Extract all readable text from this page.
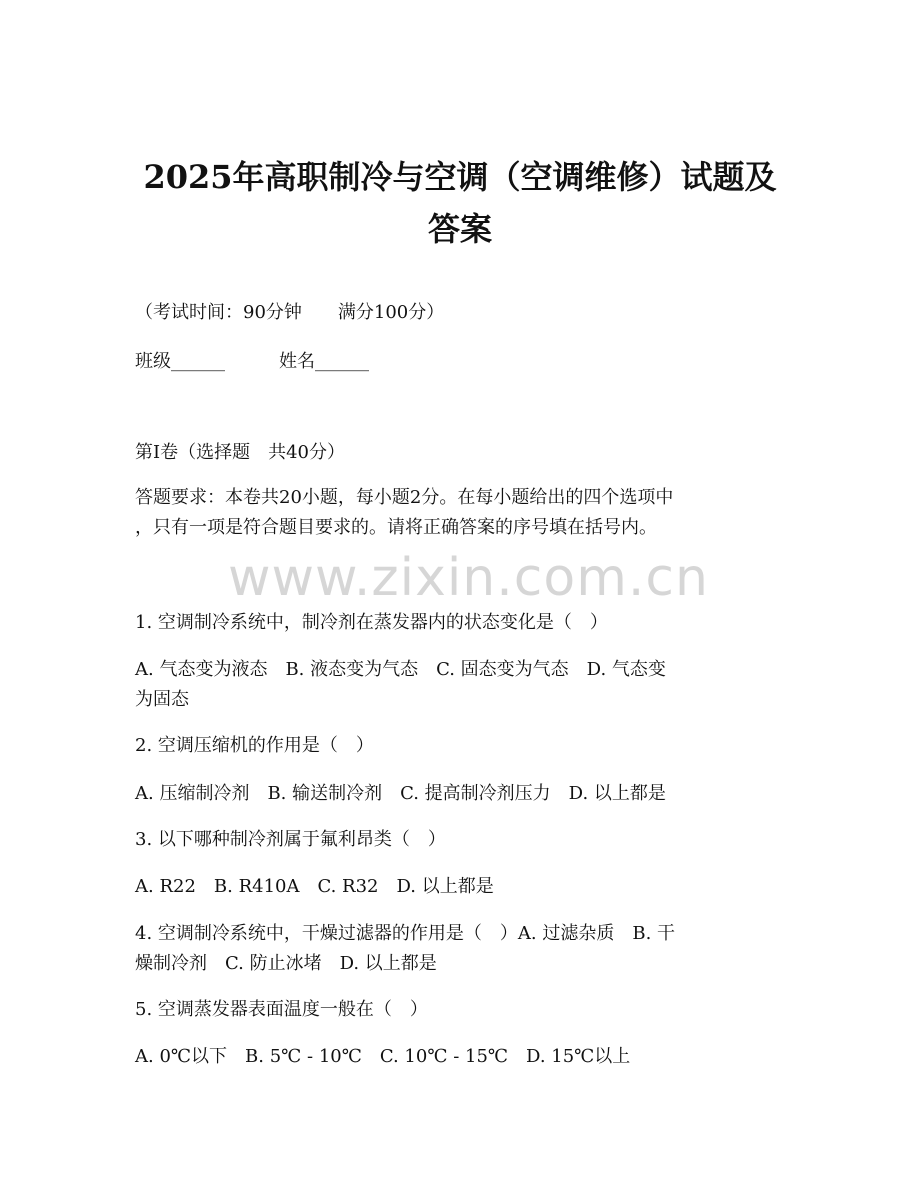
2025年高职制冷与空调（空调维修）试题及
答案
（考试时间：90分钟　　满分100分）
班级______　　　姓名______
第Ⅰ卷（选择题　共40分）
答题要求：本卷共20小题，每小题2分。在每小题给出的四个选项中
，只有一项是符合题目要求的。请将正确答案的序号填在括号内。
www.zixin.com.cn
1. 空调制冷系统中，制冷剂在蒸发器内的状态变化是（　）
A. 气态变为液态　B. 液态变为气态　C. 固态变为气态　D. 气态变
为固态
2. 空调压缩机的作用是（　）
A. 压缩制冷剂　B. 输送制冷剂　C. 提高制冷剂压力　D. 以上都是
3. 以下哪种制冷剂属于氟利昂类（　）
A. R22　B. R410A　C. R32　D. 以上都是
4. 空调制冷系统中，干燥过滤器的作用是（　）A. 过滤杂质　B. 干
燥制冷剂　C. 防止冰堵　D. 以上都是
5. 空调蒸发器表面温度一般在（　）
A. 0℃以下　B. 5℃ - 10℃　C. 10℃ - 15℃　D. 15℃以上
